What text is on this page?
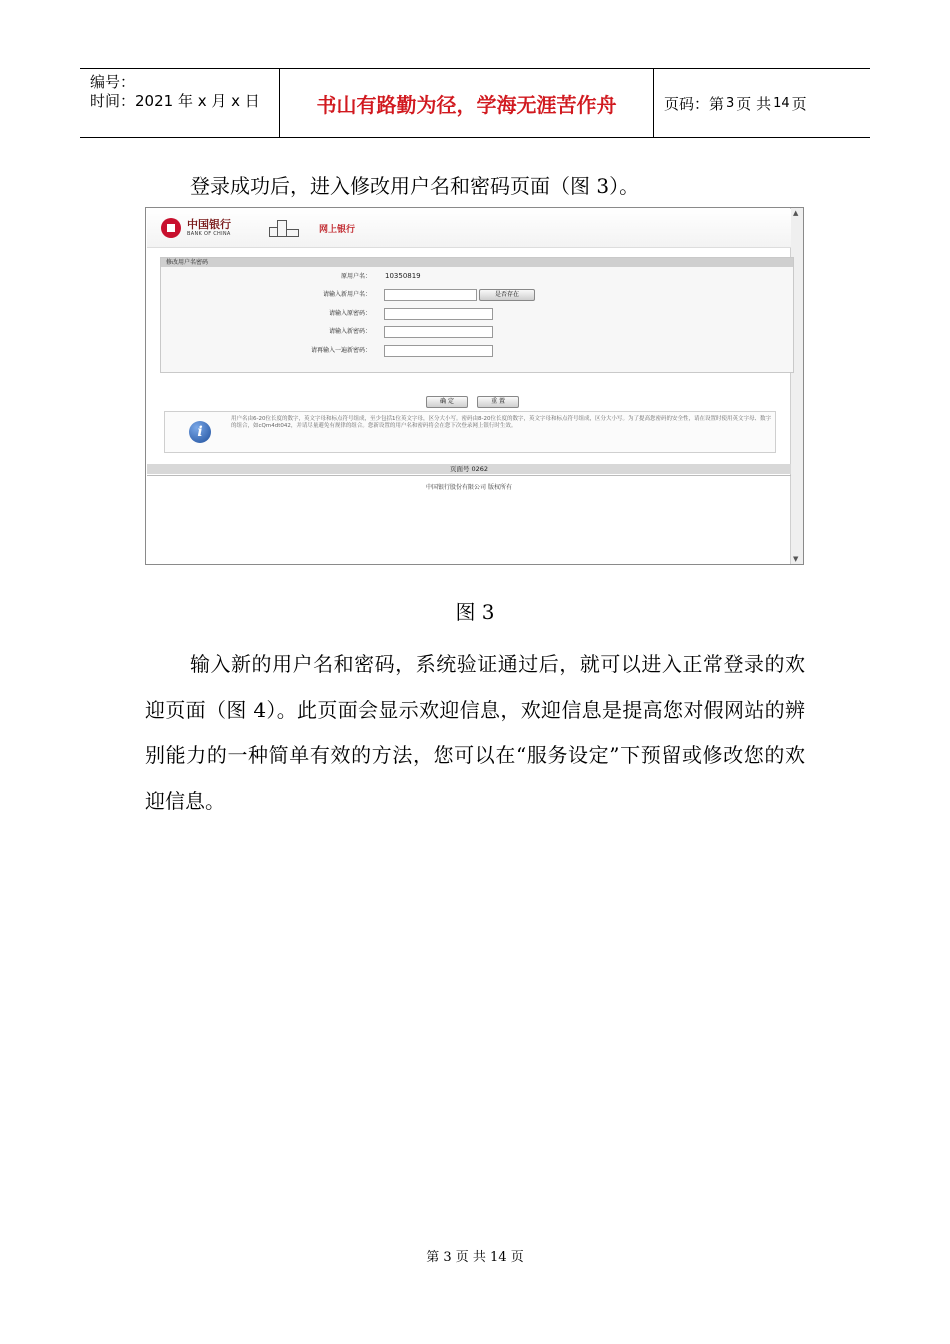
编号：
时间：2021 年 x 月 x 日	书山有路勤为径，学海无涯苦作舟	页码：第 3 页 共 14 页
登录成功后，进入修改用户名和密码页面（图 3）。
▲
▼
中国银行
BANK OF CHINA	网上银行
修改用户名密码
原用户名： 10350819
请输入新用户名：	是否存在
请输入原密码：
请输入新密码：
请再输入一遍新密码：
确 定	重 置
i
用户名由6-20位长度的数字，英文字母和标点符号组成，至少包括1位英文字母，区分大小写。密码由8-20位长度的数字，英文字母和标点符号组成，区分大小写。为了提高您密码的安全性，请在设置时使用英文字母、数字的组合，如cQm4dt042，并请尽量避免有规律的组合。您新设置的用户名和密码将会在您下次登录网上银行时生效。
页面号 0262
中国银行股份有限公司 版权所有
图 3
输入新的用户名和密码，系统验证通过后，就可以进入正常登录的欢迎页面（图 4）。此页面会显示欢迎信息，欢迎信息是提高您对假网站的辨别能力的一种简单有效的方法，您可以在“服务设定”下预留或修改您的欢迎信息。
第 3 页 共 14 页
